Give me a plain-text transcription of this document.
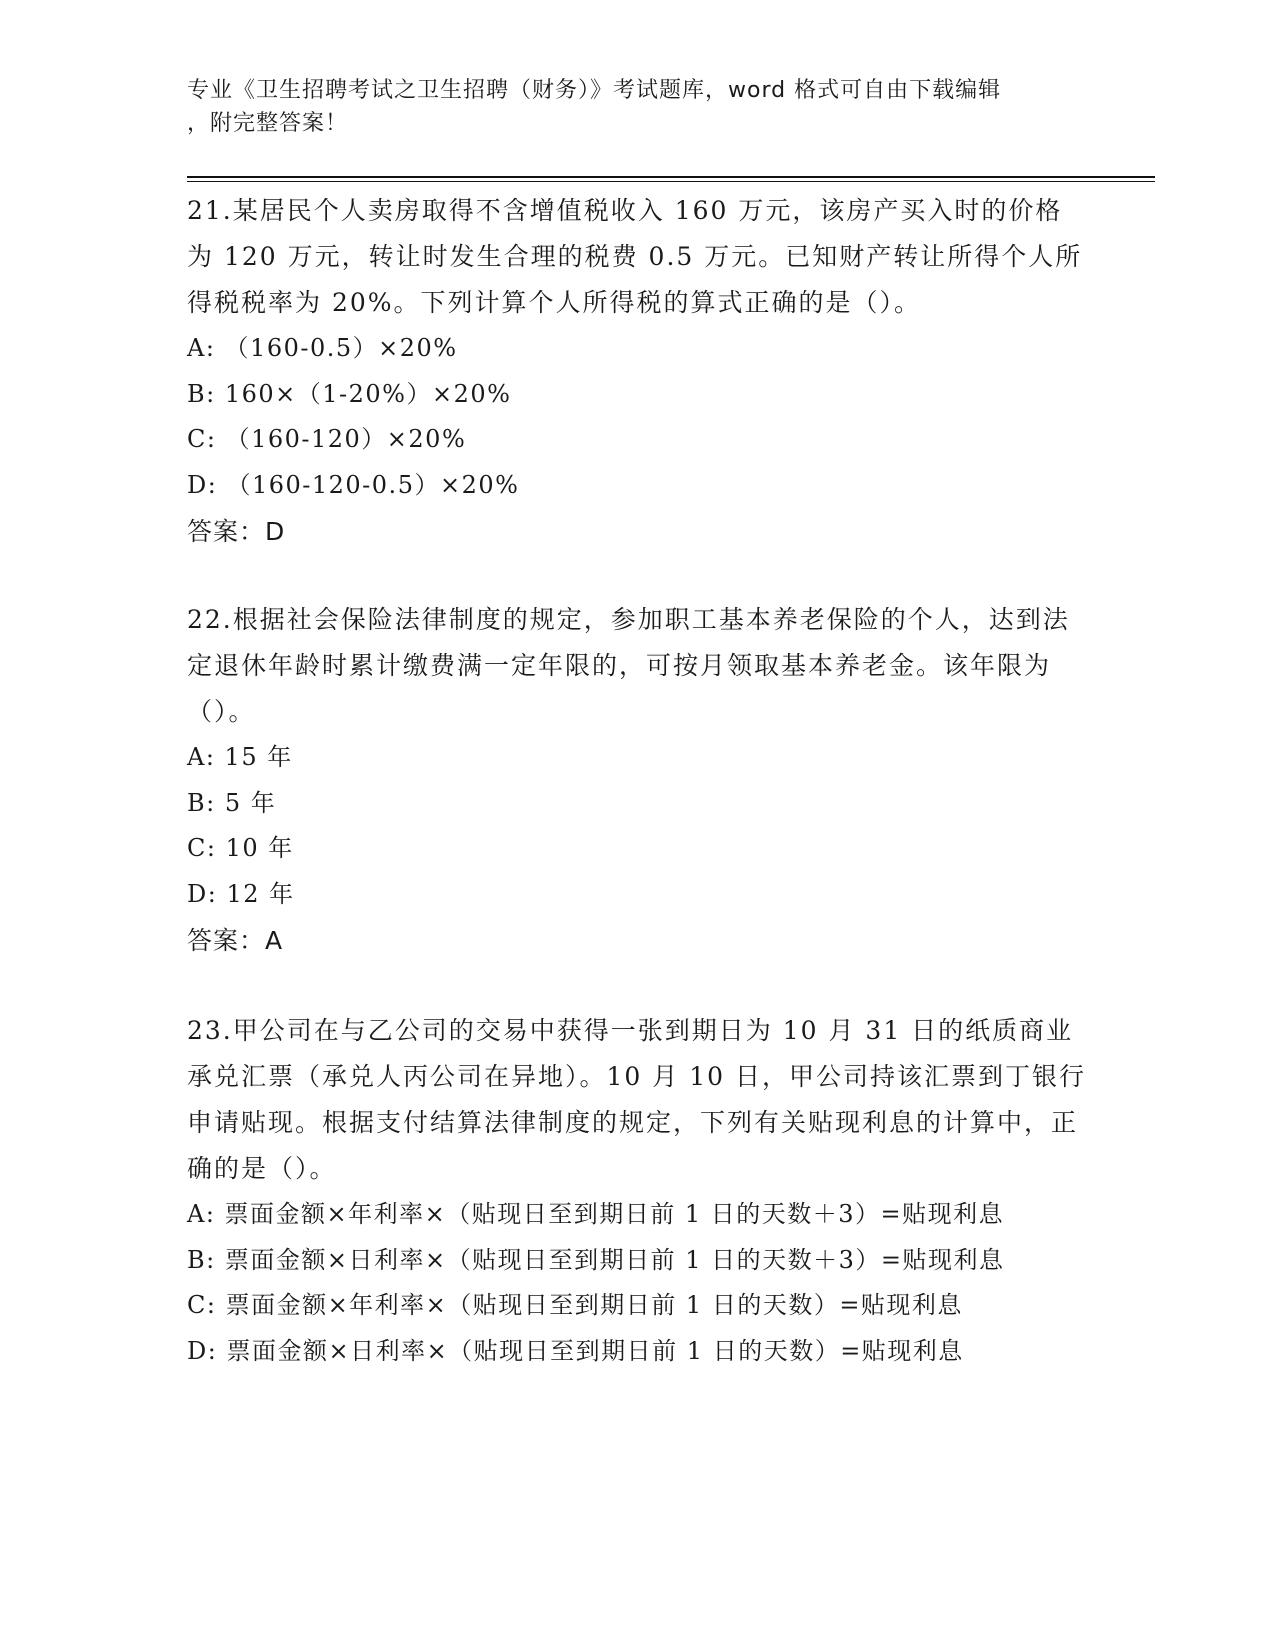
专业《卫生招聘考试之卫生招聘（财务）》考试题库，word 格式可自由下载编辑
，附完整答案！
21.某居民个人卖房取得不含增值税收入 160 万元，该房产买入时的价格为 120 万元，转让时发生合理的税费 0.5 万元。已知财产转让所得个人所得税税率为 20%。下列计算个人所得税的算式正确的是（）。
A: （160-0.5）×20%
B: 160×（1-20%）×20%
C: （160-120）×20%
D: （160-120-0.5）×20%
答案：D
22.根据社会保险法律制度的规定，参加职工基本养老保险的个人，达到法定退休年龄时累计缴费满一定年限的，可按月领取基本养老金。该年限为（）。
A: 15 年
B: 5 年
C: 10 年
D: 12 年
答案：A
23.甲公司在与乙公司的交易中获得一张到期日为 10 月 31 日的纸质商业承兑汇票（承兑人丙公司在异地）。10 月 10 日，甲公司持该汇票到丁银行申请贴现。根据支付结算法律制度的规定，下列有关贴现利息的计算中，正确的是（）。
A: 票面金额×年利率×（贴现日至到期日前 1 日的天数＋3）=贴现利息
B: 票面金额×日利率×（贴现日至到期日前 1 日的天数＋3）=贴现利息
C: 票面金额×年利率×（贴现日至到期日前 1 日的天数）=贴现利息
D: 票面金额×日利率×（贴现日至到期日前 1 日的天数）=贴现利息
